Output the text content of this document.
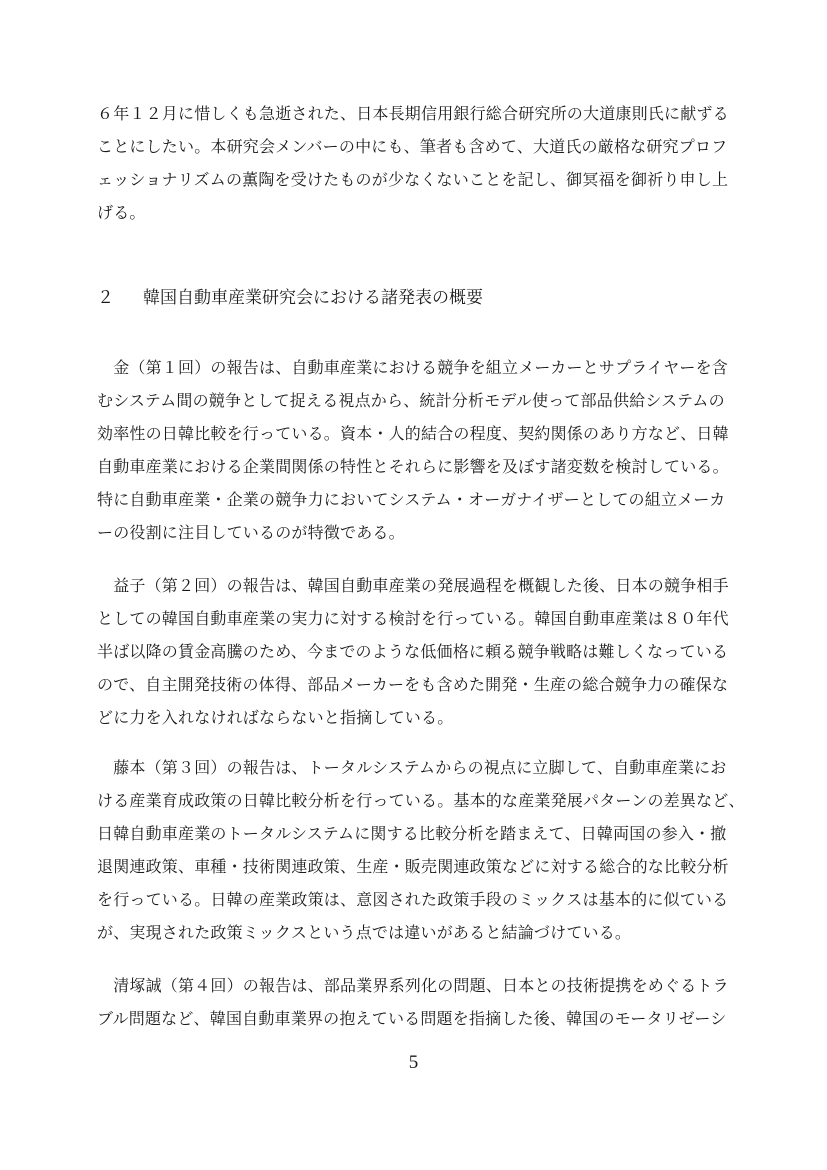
６年１２月に惜しくも急逝された、日本長期信用銀行総合研究所の大道康則氏に献ずる
ことにしたい。本研究会メンバーの中にも、筆者も含めて、大道氏の厳格な研究プロフ
ェッショナリズムの薫陶を受けたものが少なくないことを記し、御冥福を御祈り申し上
げる。
２ 韓国自動車産業研究会における諸発表の概要
　金（第１回）の報告は、自動車産業における競争を組立メーカーとサプライヤーを含
むシステム間の競争として捉える視点から、統計分析モデル使って部品供給システムの
効率性の日韓比較を行っている。資本・人的結合の程度、契約関係のあり方など、日韓
自動車産業における企業間関係の特性とそれらに影響を及ぼす諸変数を検討している。
特に自動車産業・企業の競争力においてシステム・オーガナイザーとしての組立メーカ
ーの役割に注目しているのが特徴である。
　益子（第２回）の報告は、韓国自動車産業の発展過程を概観した後、日本の競争相手
としての韓国自動車産業の実力に対する検討を行っている。韓国自動車産業は８０年代
半ば以降の賃金高騰のため、今までのような低価格に頼る競争戦略は難しくなっている
ので、自主開発技術の体得、部品メーカーをも含めた開発・生産の総合競争力の確保な
どに力を入れなければならないと指摘している。
　藤本（第３回）の報告は、トータルシステムからの視点に立脚して、自動車産業にお
ける産業育成政策の日韓比較分析を行っている。基本的な産業発展パターンの差異など、
日韓自動車産業のトータルシステムに関する比較分析を踏まえて、日韓両国の参入・撤
退関連政策、車種・技術関連政策、生産・販売関連政策などに対する総合的な比較分析
を行っている。日韓の産業政策は、意図された政策手段のミックスは基本的に似ている
が、実現された政策ミックスという点では違いがあると結論づけている。
　清塚誠（第４回）の報告は、部品業界系列化の問題、日本との技術提携をめぐるトラ
ブル問題など、韓国自動車業界の抱えている問題を指摘した後、韓国のモータリゼーシ
5
